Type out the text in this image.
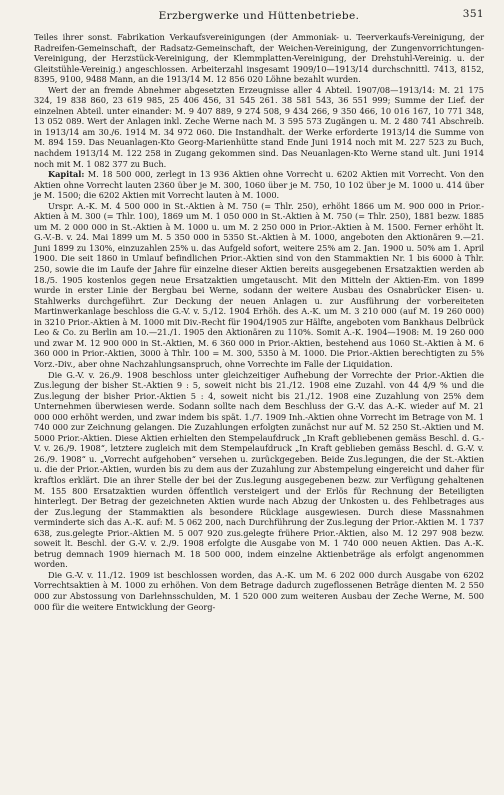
Erzbergwerke und Hüttenbetriebe.	351

Teiles ihrer sonst. Fabrikation Verkaufsvereinigungen (der Ammoniak- u. Teerverkaufs-Vereinigung, der Radreifen-Gemeinschaft, der Radsatz-Gemeinschaft, der Weichen-Vereinigung, der Zungenvorrichtungen-Vereinigung, der Herzstück-Vereinigung, der Klemmplatten-Vereinigung, der Drehstuhl-Vereinig. u. der Gleitstühle-Vereinig.) angeschlossen. Arbeiterzahl insgesamt 1909/10—1913/14 durchschnittl. 7413, 8152, 8395, 9100, 9488 Mann, an die 1913/14 M. 12 856 020 Löhne bezahlt wurden.

Wert der an fremde Abnehmer abgesetzten Erzeugnisse aller 4 Abteil. 1907/08—1913/14: M. 21 175 324, 19 838 860, 23 619 985, 25 406 456, 31 545 261. 38 581 543, 36 551 999; Summe der Lief. der einzelnen Abteil. unter einander: M. 9 407 889, 9 274 508, 9 434 266, 9 350 466, 10 016 167, 10 771 348, 13 052 089. Wert der Anlagen inkl. Zeche Werne nach M. 3 595 573 Zugängen u. M. 2 480 741 Abschreib. in 1913/14 am 30./6. 1914 M. 34 972 060. Die Instandhalt. der Werke erforderte 1913/14 die Summe von M. 894 159. Das Neuanlagen-Kto Georg-Marienhütte stand Ende Juni 1914 noch mit M. 227 523 zu Buch, nachdem 1913/14 M. 122 258 in Zugang gekommen sind. Das Neuanlagen-Kto Werne stand ult. Juni 1914 noch mit M. 1 082 377 zu Buch.

Kapital: M. 18 500 000, zerlegt in 13 936 Aktien ohne Vorrecht u. 6202 Aktien mit Vorrecht. Von den Aktien ohne Vorrecht lauten 2360 über je M. 300, 1060 über je M. 750, 10 102 über je M. 1000 u. 414 über je M. 1500; die 6202 Aktien mit Vorrecht lauten à M. 1000.

Urspr. A.-K. M. 4 500 000 in St.-Aktien à M. 750 (= Thlr. 250), erhöht 1866 um M. 900 000 in Prior.-Aktien à M. 300 (= Thlr. 100), 1869 um M. 1 050 000 in St.-Aktien à M. 750 (= Thlr. 250), 1881 bezw. 1885 um M. 2 000 000 in St.-Aktien à M. 1000 u. um M. 2 250 000 in Prior.-Aktien à M. 1500. Ferner erhöht lt. G.-V.-B. v. 24. Mai 1899 um M. 5 350 000 in 5350 St.-Aktien à M. 1000, angeboten den Aktionären 9.—21. Juni 1899 zu 130%, einzuzahlen 25% u. das Aufgeld sofort, weitere 25% am 2. Jan. 1900 u. 50% am 1. April 1900. Die seit 1860 in Umlauf befindlichen Prior.-Aktien sind von den Stammaktien Nr. 1 bis 6000 à Thlr. 250, sowie die im Laufe der Jahre für einzelne dieser Aktien bereits ausgegebenen Ersatzaktien werden ab 18./5. 1905 kostenlos gegen neue Ersatzaktien umgetauscht. Mit den Mitteln der Aktien-Em. von 1899 wurde in erster Linie der Bergbau bei Werne, sodann der weitere Ausbau des Osnabrücker Eisen- u. Stahlwerks durchgeführt. Zur Deckung der neuen Anlagen u. zur Ausführung der vorbereiteten Martinwerkanlage beschloss die G.-V. v. 5./12. 1904 Erhöh. des A.-K. um M. 3 210 000 (auf M. 19 260 000) in 3210 Prior.-Aktien à M. 1000 mit Div.-Recht für 1904/1905 zur Hälfte, angeboten vom Bankhaus Delbrück Leo & Co. zu Berlin am 10.—21./1. 1905 den Aktionären zu 110%. Somit A.-K. 1904—1908: M. 19 260 000 und zwar M. 12 900 000 in St.-Aktien, M. 6 360 000 in Prior.-Aktien, bestehend aus 1060 St.-Aktien à M. 6 360 000 in Prior.-Aktien, 3000 à Thlr. 100 = M. 300, 5350 à M. 1000. Die Prior.-Aktien berechtigten zu 5% Vorz.-Div., aber ohne Nachzahlungsanspruch, ohne Vorrechte im Falle der Liquidation.

Die G.-V. v. 26./9. 1908 beschloss unter gleichzeitiger Aufhebung der Vorrechte der Prior.-Aktien die Zus.legung der bisher St.-Aktien 9 : 5, soweit nicht bis 21./12. 1908 eine Zuzahl. von 44 4/9 % und die Zus.legung der bisher Prior.-Aktien 5 : 4, soweit nicht bis 21./12. 1908 eine Zuzahlung von 25% dem Unternehmen überwiesen werde. Sodann sollte nach dem Beschluss der G.-V. das A.-K. wieder auf M. 21 000 000 erhöht werden, und zwar indem bis spät. 1./7. 1909 Inh.-Aktien ohne Vorrecht im Betrage von M. 1 740 000 zur Zeichnung gelangen. Die Zuzahlungen erfolgten zunächst nur auf M. 52 250 St.-Aktien und M. 5000 Prior.-Aktien. Diese Aktien erhielten den Stempelaufdruck „In Kraft gebliebenen gemäss Beschl. d. G.-V. v. 26./9. 1908“, letztere zugleich mit dem Stempelaufdruck „In Kraft geblieben gemäss Beschl. d. G.-V. v. 26./9. 1908“ u. „Vorrecht aufgehoben“ versehen u. zurückgegeben. Beide Zus.legungen, die der St.-Aktien u. die der Prior.-Aktien, wurden bis zu dem aus der Zuzahlung zur Abstempelung eingereicht und daher für kraftlos erklärt. Die an ihrer Stelle der bei der Zus.legung ausgegebenen bezw. zur Verfügung gehaltenen M. 155 800 Ersatzaktien wurden öffentlich versteigert und der Erlös für Rechnung der Beteiligten hinterlegt. Der Betrag der gezeichneten Aktien wurde nach Abzug der Unkosten u. des Fehlbetrages aus der Zus.legung der Stammaktien als besondere Rücklage ausgewiesen. Durch diese Massnahmen verminderte sich das A.-K. auf: M. 5 062 200, nach Durchführung der Zus.legung der Prior.-Aktien M. 1 737 638, zus.gelegte Prior.-Aktien M. 5 007 920 zus.gelegte frühere Prior.-Aktien, also M. 12 297 908 bezw. soweit lt. Beschl. der G.-V. v. 2./9. 1908 erfolgte die Ausgabe von M. 1 740 000 neuen Aktien. Das A.-K. betrug demnach 1909 hiernach M. 18 500 000, indem einzelne Aktienbeträge als erfolgt angenommen worden.

Die G.-V. v. 11./12. 1909 ist beschlossen worden, das A.-K. um M. 6 202 000 durch Ausgabe von 6202 Vorrechtsaktien à M. 1000 zu erhöhen. Von dem Betrage dadurch zugeflossenen Beträge dienten M. 2 550 000 zur Abstossung von Darlehnsschulden, M. 1 520 000 zum weiteren Ausbau der Zeche Werne, M. 500 000 für die weitere Entwicklung der Georg-
